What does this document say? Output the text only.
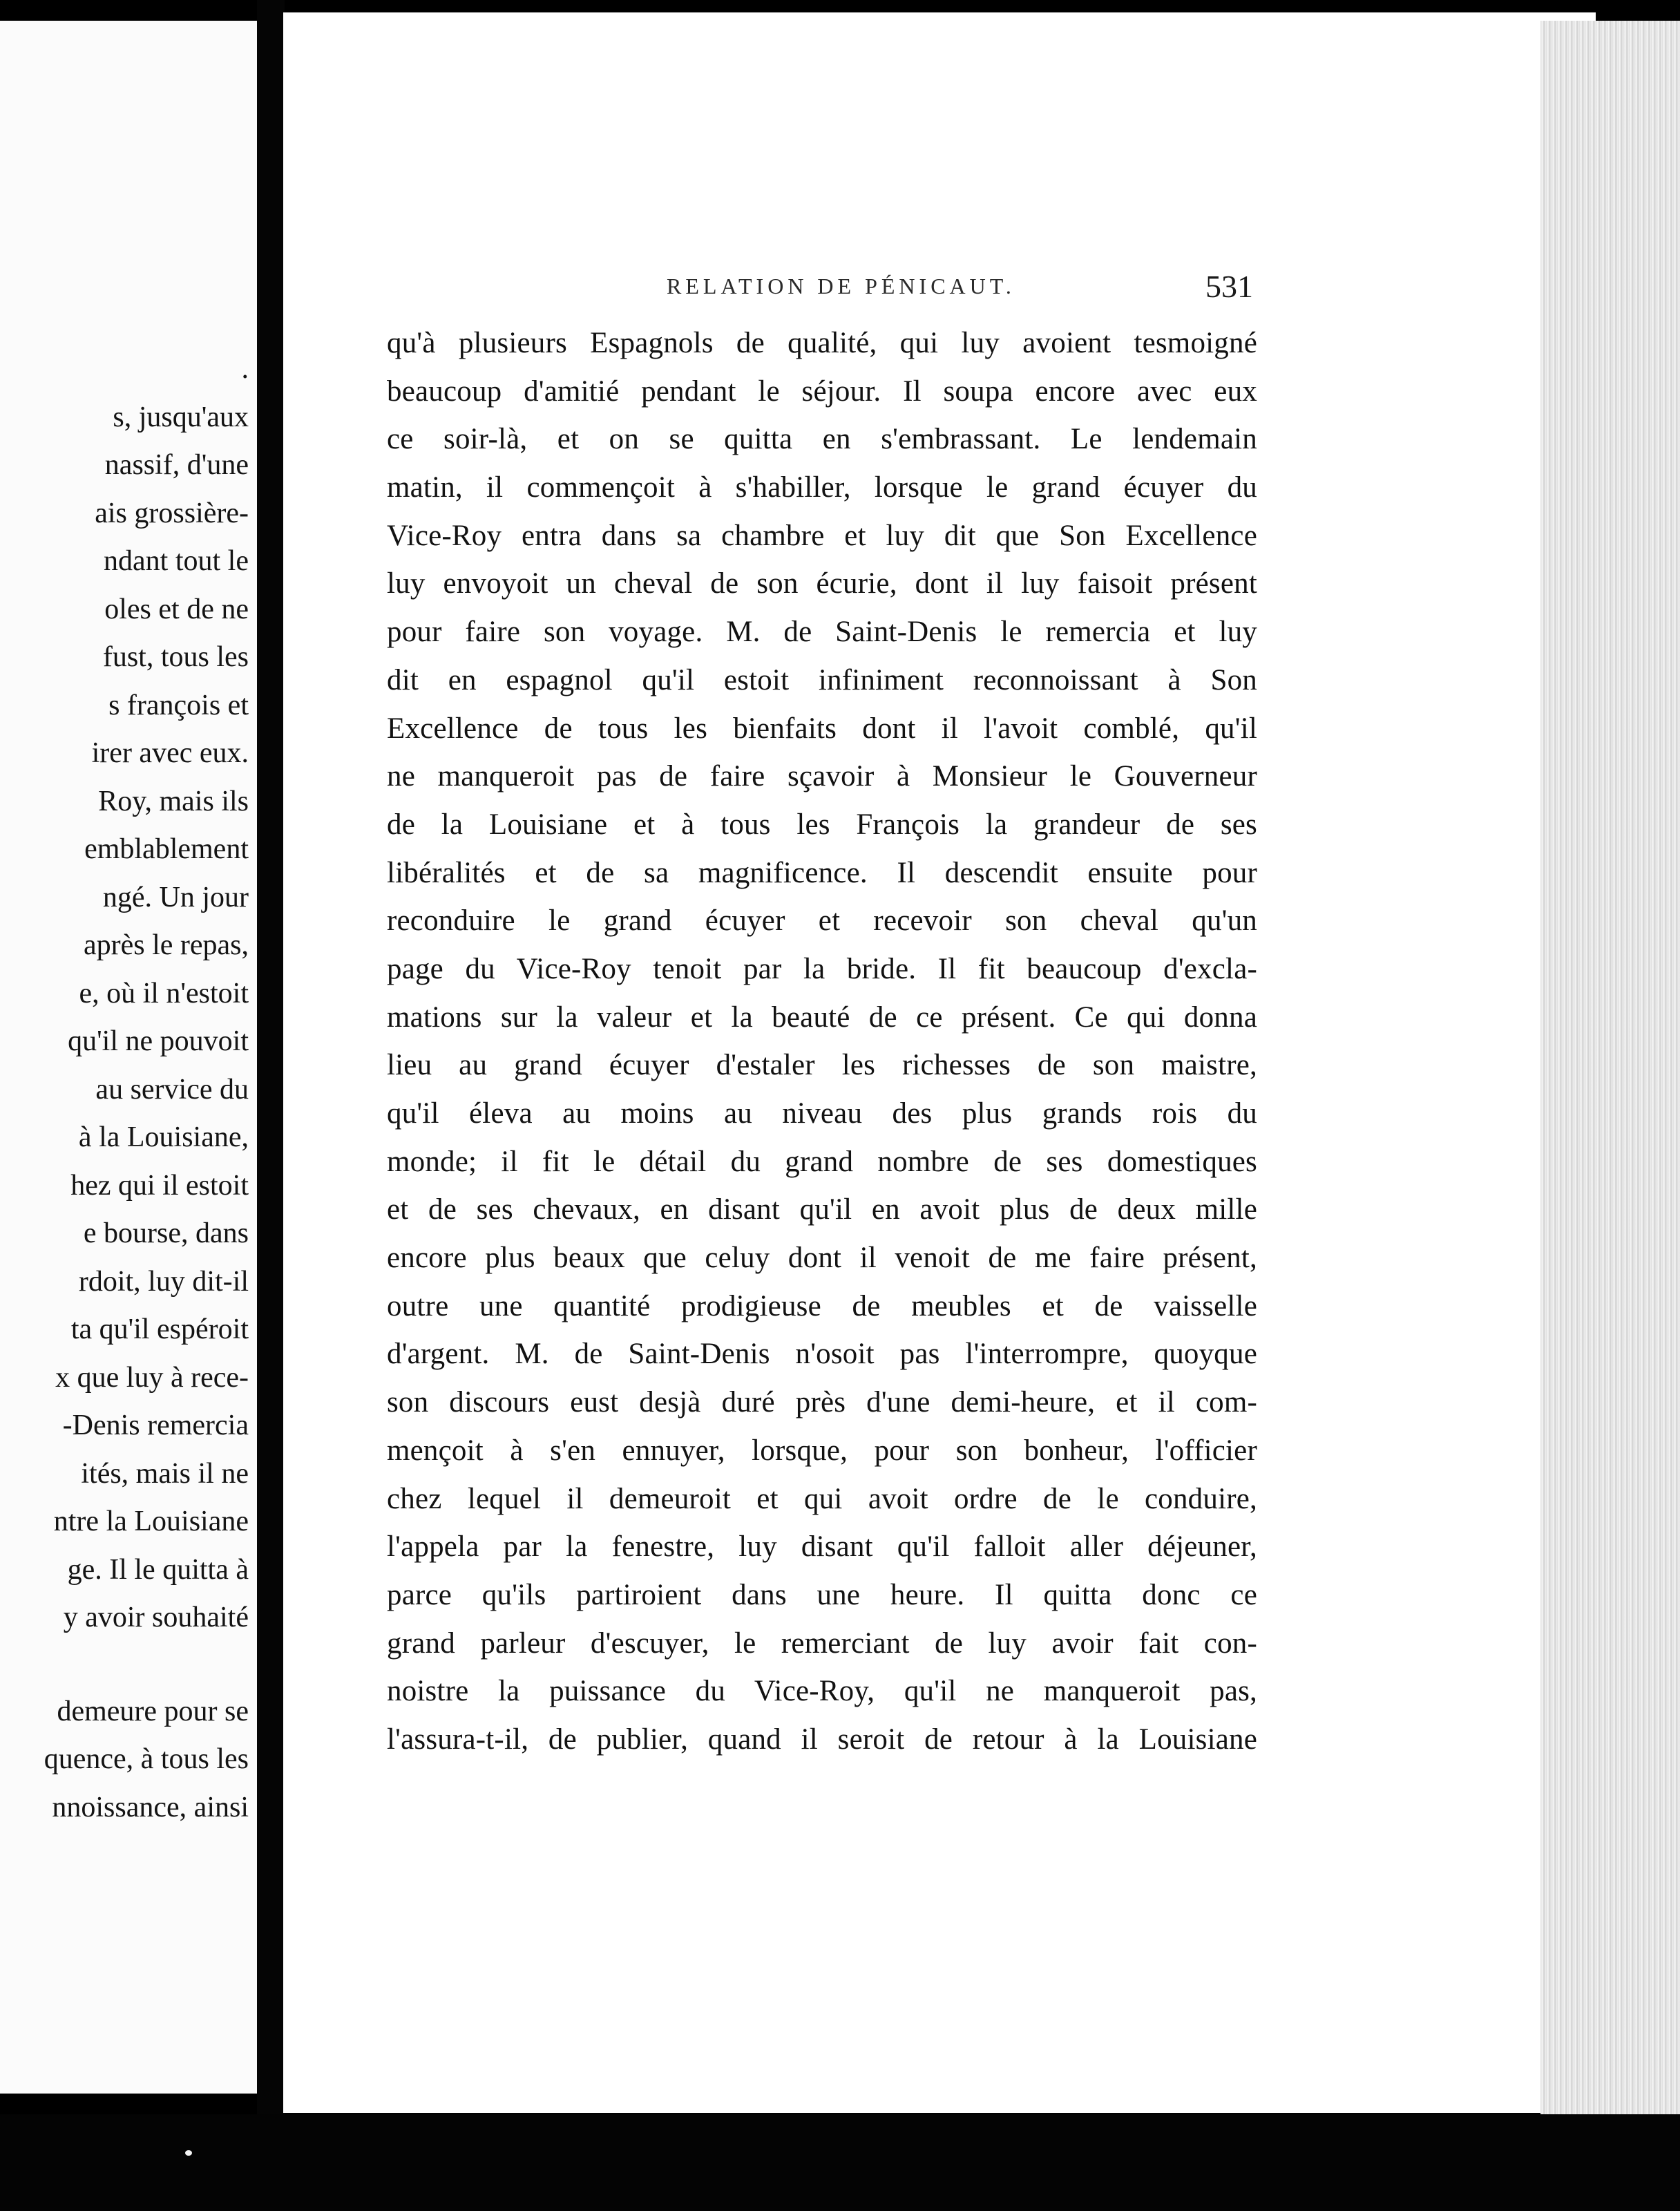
.
s, jusqu'aux
nassif, d'une
ais grossière-
ndant tout le
oles et de ne
fust, tous les
s françois et
irer avec eux.
Roy, mais ils
emblablement
ngé. Un jour
après le repas,
e, où il n'estoit
qu'il ne pouvoit
au service du
à la Louisiane,
hez qui il estoit
e bourse, dans
rdoit, luy dit-il
ta qu'il espéroit
x que luy à rece-
-Denis remercia
ités, mais il ne
ntre la Louisiane
ge. Il le quitta à
y avoir souhaité
demeure pour se
quence, à tous les
nnoissance, ainsi
RELATION DE PÉNICAUT.	531
qu'à plusieurs Espagnols de qualité, qui luy avoient tesmoigné
beaucoup d'amitié pendant le séjour. Il soupa encore avec eux
ce soir-là, et on se quitta en s'embrassant. Le lendemain
matin, il commençoit à s'habiller, lorsque le grand écuyer du
Vice-Roy entra dans sa chambre et luy dit que Son Excellence
luy envoyoit un cheval de son écurie, dont il luy faisoit présent
pour faire son voyage. M. de Saint-Denis le remercia et luy
dit en espagnol qu'il estoit infiniment reconnoissant à Son
Excellence de tous les bienfaits dont il l'avoit comblé, qu'il
ne manqueroit pas de faire sçavoir à Monsieur le Gouverneur
de la Louisiane et à tous les François la grandeur de ses
libéralités et de sa magnificence. Il descendit ensuite pour
reconduire le grand écuyer et recevoir son cheval qu'un
page du Vice-Roy tenoit par la bride. Il fit beaucoup d'excla-
mations sur la valeur et la beauté de ce présent. Ce qui donna
lieu au grand écuyer d'estaler les richesses de son maistre,
qu'il éleva au moins au niveau des plus grands rois du
monde; il fit le détail du grand nombre de ses domestiques
et de ses chevaux, en disant qu'il en avoit plus de deux mille
encore plus beaux que celuy dont il venoit de me faire présent,
outre une quantité prodigieuse de meubles et de vaisselle
d'argent. M. de Saint-Denis n'osoit pas l'interrompre, quoyque
son discours eust desjà duré près d'une demi-heure, et il com-
mençoit à s'en ennuyer, lorsque, pour son bonheur, l'officier
chez lequel il demeuroit et qui avoit ordre de le conduire,
l'appela par la fenestre, luy disant qu'il falloit aller déjeuner,
parce qu'ils partiroient dans une heure. Il quitta donc ce
grand parleur d'escuyer, le remerciant de luy avoir fait con-
noistre la puissance du Vice-Roy, qu'il ne manqueroit pas,
l'assura-t-il, de publier, quand il seroit de retour à la Louisiane
